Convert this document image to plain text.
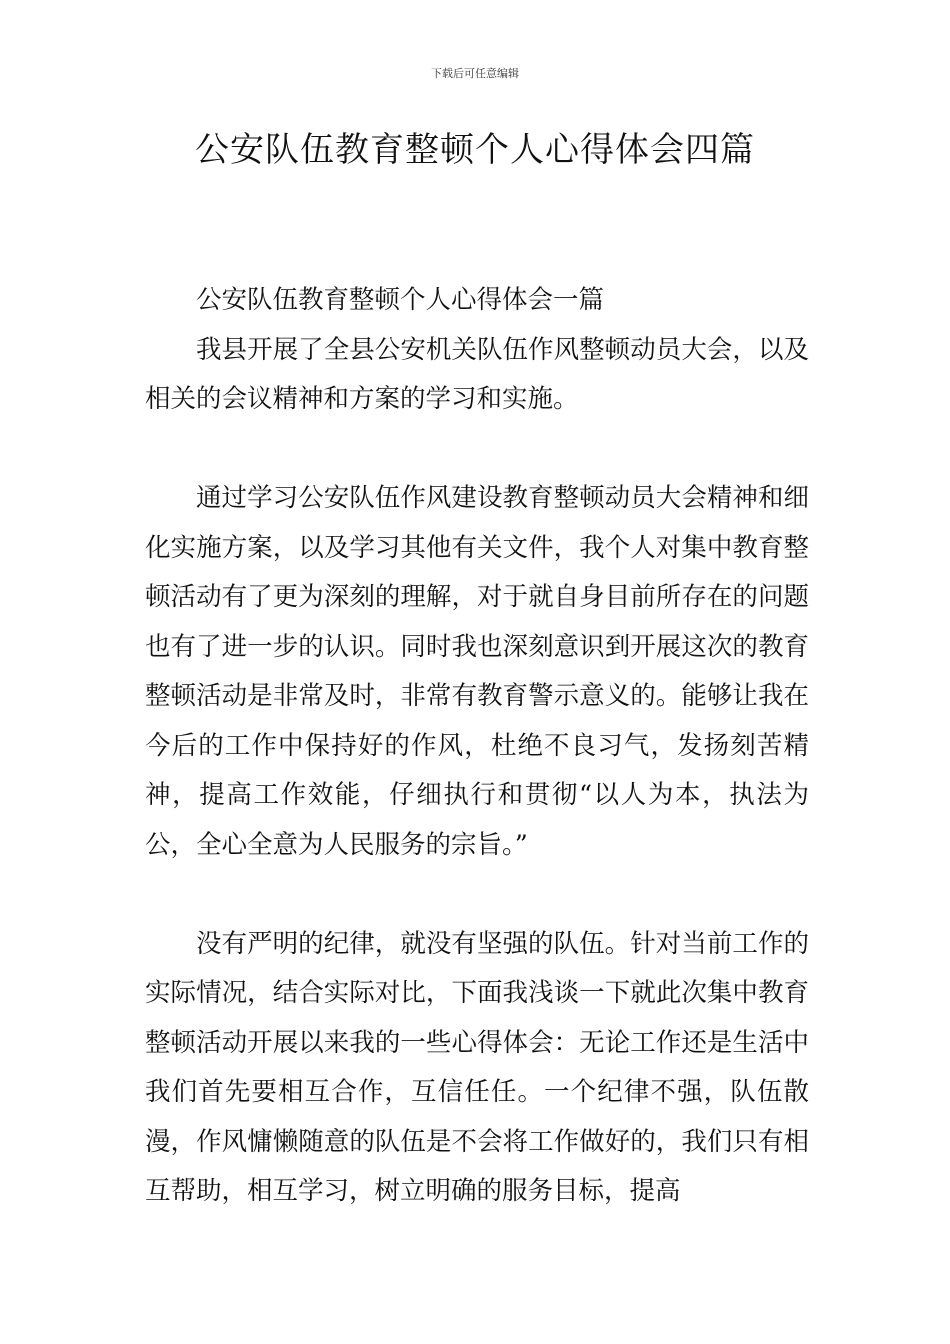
下载后可任意编辑
公安队伍教育整顿个人心得体会四篇

公安队伍教育整顿个人心得体会一篇

我县开展了全县公安机关队伍作风整顿动员大会，以及相关的会议精神和方案的学习和实施。

通过学习公安队伍作风建设教育整顿动员大会精神和细化实施方案，以及学习其他有关文件，我个人对集中教育整顿活动有了更为深刻的理解，对于就自身目前所存在的问题也有了进一步的认识。同时我也深刻意识到开展这次的教育整顿活动是非常及时，非常有教育警示意义的。能够让我在今后的工作中保持好的作风，杜绝不良习气，发扬刻苦精神，提高工作效能，仔细执行和贯彻“以人为本，执法为公，全心全意为人民服务的宗旨。”

没有严明的纪律，就没有坚强的队伍。针对当前工作的实际情况，结合实际对比，下面我浅谈一下就此次集中教育整顿活动开展以来我的一些心得体会：无论工作还是生活中我们首先要相互合作，互信任任。一个纪律不强，队伍散漫，作风慵懒随意的队伍是不会将工作做好的，我们只有相互帮助，相互学习，树立明确的服务目标，提高
